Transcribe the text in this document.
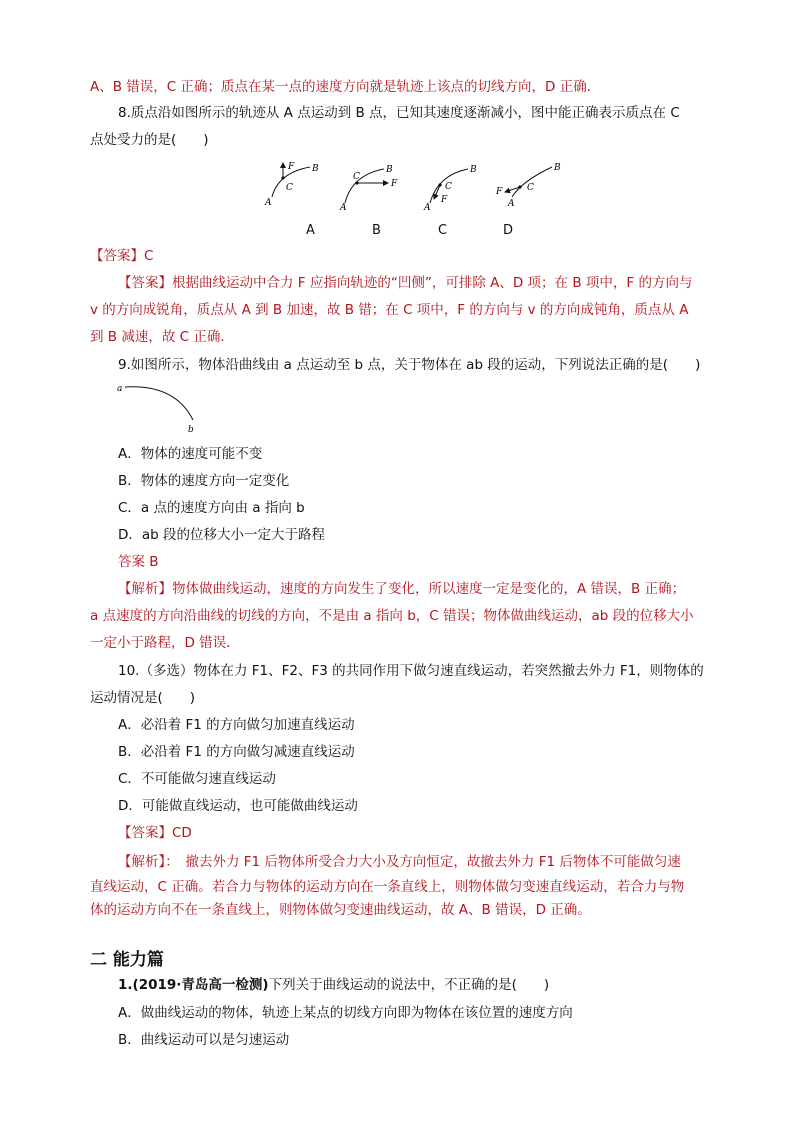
A、B 错误，C 正确；质点在某一点的速度方向就是轨迹上该点的切线方向，D 正确．
8.质点沿如图所示的轨迹从 A 点运动到 B 点，已知其速度逐渐减小，图中能正确表示质点在 C
点处受力的是(　　)
F B
C
A
B
C
F
A
B
C
F
A
B
C
F
A
A	B	C	D
【答案】C
【答案】根据曲线运动中合力 F 应指向轨迹的“凹侧”，可排除 A、D 项；在 B 项中，F 的方向与
v 的方向成锐角，质点从 A 到 B 加速，故 B 错；在 C 项中，F 的方向与 v 的方向成钝角，质点从 A
到 B 减速，故 C 正确．
9.如图所示，物体沿曲线由 a 点运动至 b 点，关于物体在 ab 段的运动，下列说法正确的是(　　)
a
b
A．物体的速度可能不变
B．物体的速度方向一定变化
C．a 点的速度方向由 a 指向 b
D．ab 段的位移大小一定大于路程
答案 B
【解析】物体做曲线运动，速度的方向发生了变化，所以速度一定是变化的，A 错误，B 正确；
a 点速度的方向沿曲线的切线的方向，不是由 a 指向 b，C 错误；物体做曲线运动，ab 段的位移大小
一定小于路程，D 错误．
10.（多选）物体在力 F1、F2、F3 的共同作用下做匀速直线运动，若突然撤去外力 F1，则物体的
运动情况是(　　)
A．必沿着 F1 的方向做匀加速直线运动
B．必沿着 F1 的方向做匀减速直线运动
C．不可能做匀速直线运动
D．可能做直线运动，也可能做曲线运动
【答案】CD
【解析】：　撤去外力 F1 后物体所受合力大小及方向恒定，故撤去外力 F1 后物体不可能做匀速
直线运动，C 正确。若合力与物体的运动方向在一条直线上，则物体做匀变速直线运动，若合力与物
体的运动方向不在一条直线上，则物体做匀变速曲线运动，故 A、B 错误，D 正确。
二 能力篇
1.(2019·青岛高一检测)下列关于曲线运动的说法中，不正确的是(　　)
A．做曲线运动的物体，轨迹上某点的切线方向即为物体在该位置的速度方向
B．曲线运动可以是匀速运动
